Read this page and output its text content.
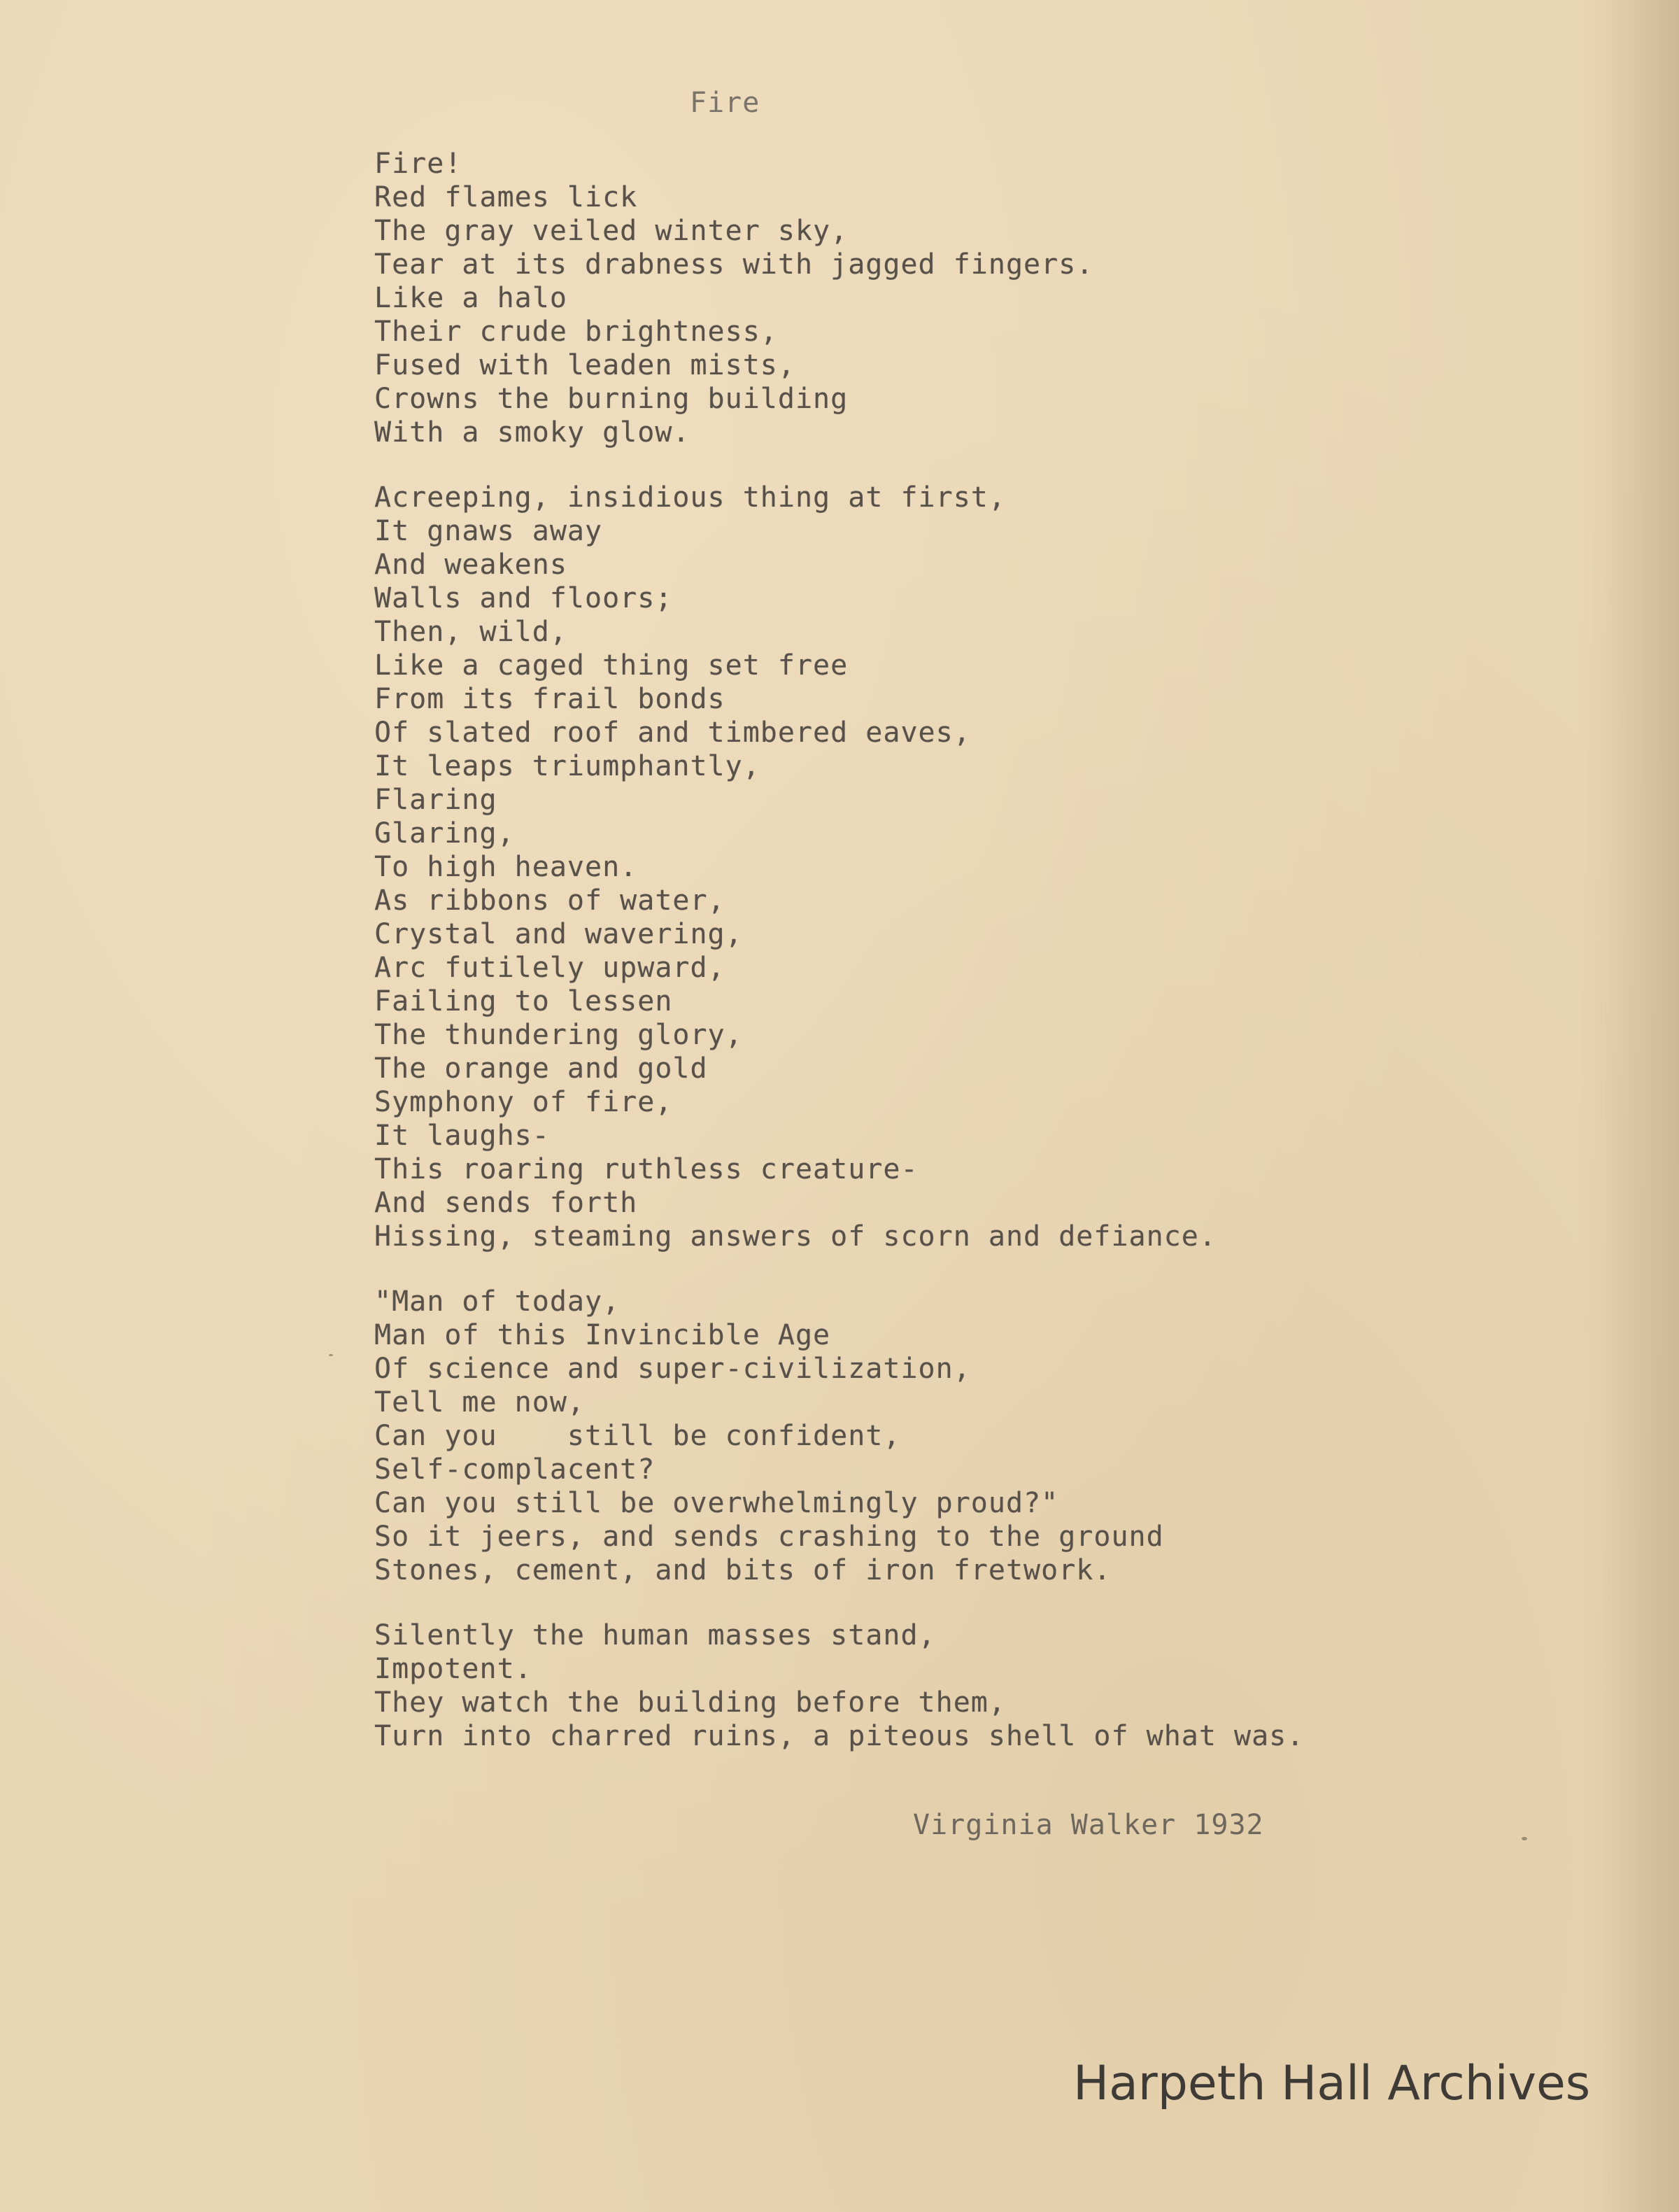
Fire
Fire!
Red flames lick
The gray veiled winter sky,
Tear at its drabness with jagged fingers.
Like a halo
Their crude brightness,
Fused with leaden mists,
Crowns the burning building
With a smoky glow.
Acreeping, insidious thing at first,
It gnaws away
And weakens
Walls and floors;
Then, wild,
Like a caged thing set free
From its frail bonds
Of slated roof and timbered eaves,
It leaps triumphantly,
Flaring
Glaring,
To high heaven.
As ribbons of water,
Crystal and wavering,
Arc futilely upward,
Failing to lessen
The thundering glory,
The orange and gold
Symphony of fire,
It laughs-
This roaring ruthless creature-
And sends forth
Hissing, steaming answers of scorn and defiance.
"Man of today,
Man of this Invincible Age
Of science and super-civilization,
Tell me now,
Can you    still be confident,
Self-complacent?
Can you still be overwhelmingly proud?"
So it jeers, and sends crashing to the ground
Stones, cement, and bits of iron fretwork.
Silently the human masses stand,
Impotent.
They watch the building before them,
Turn into charred ruins, a piteous shell of what was.
Virginia Walker 1932
Harpeth Hall Archives
